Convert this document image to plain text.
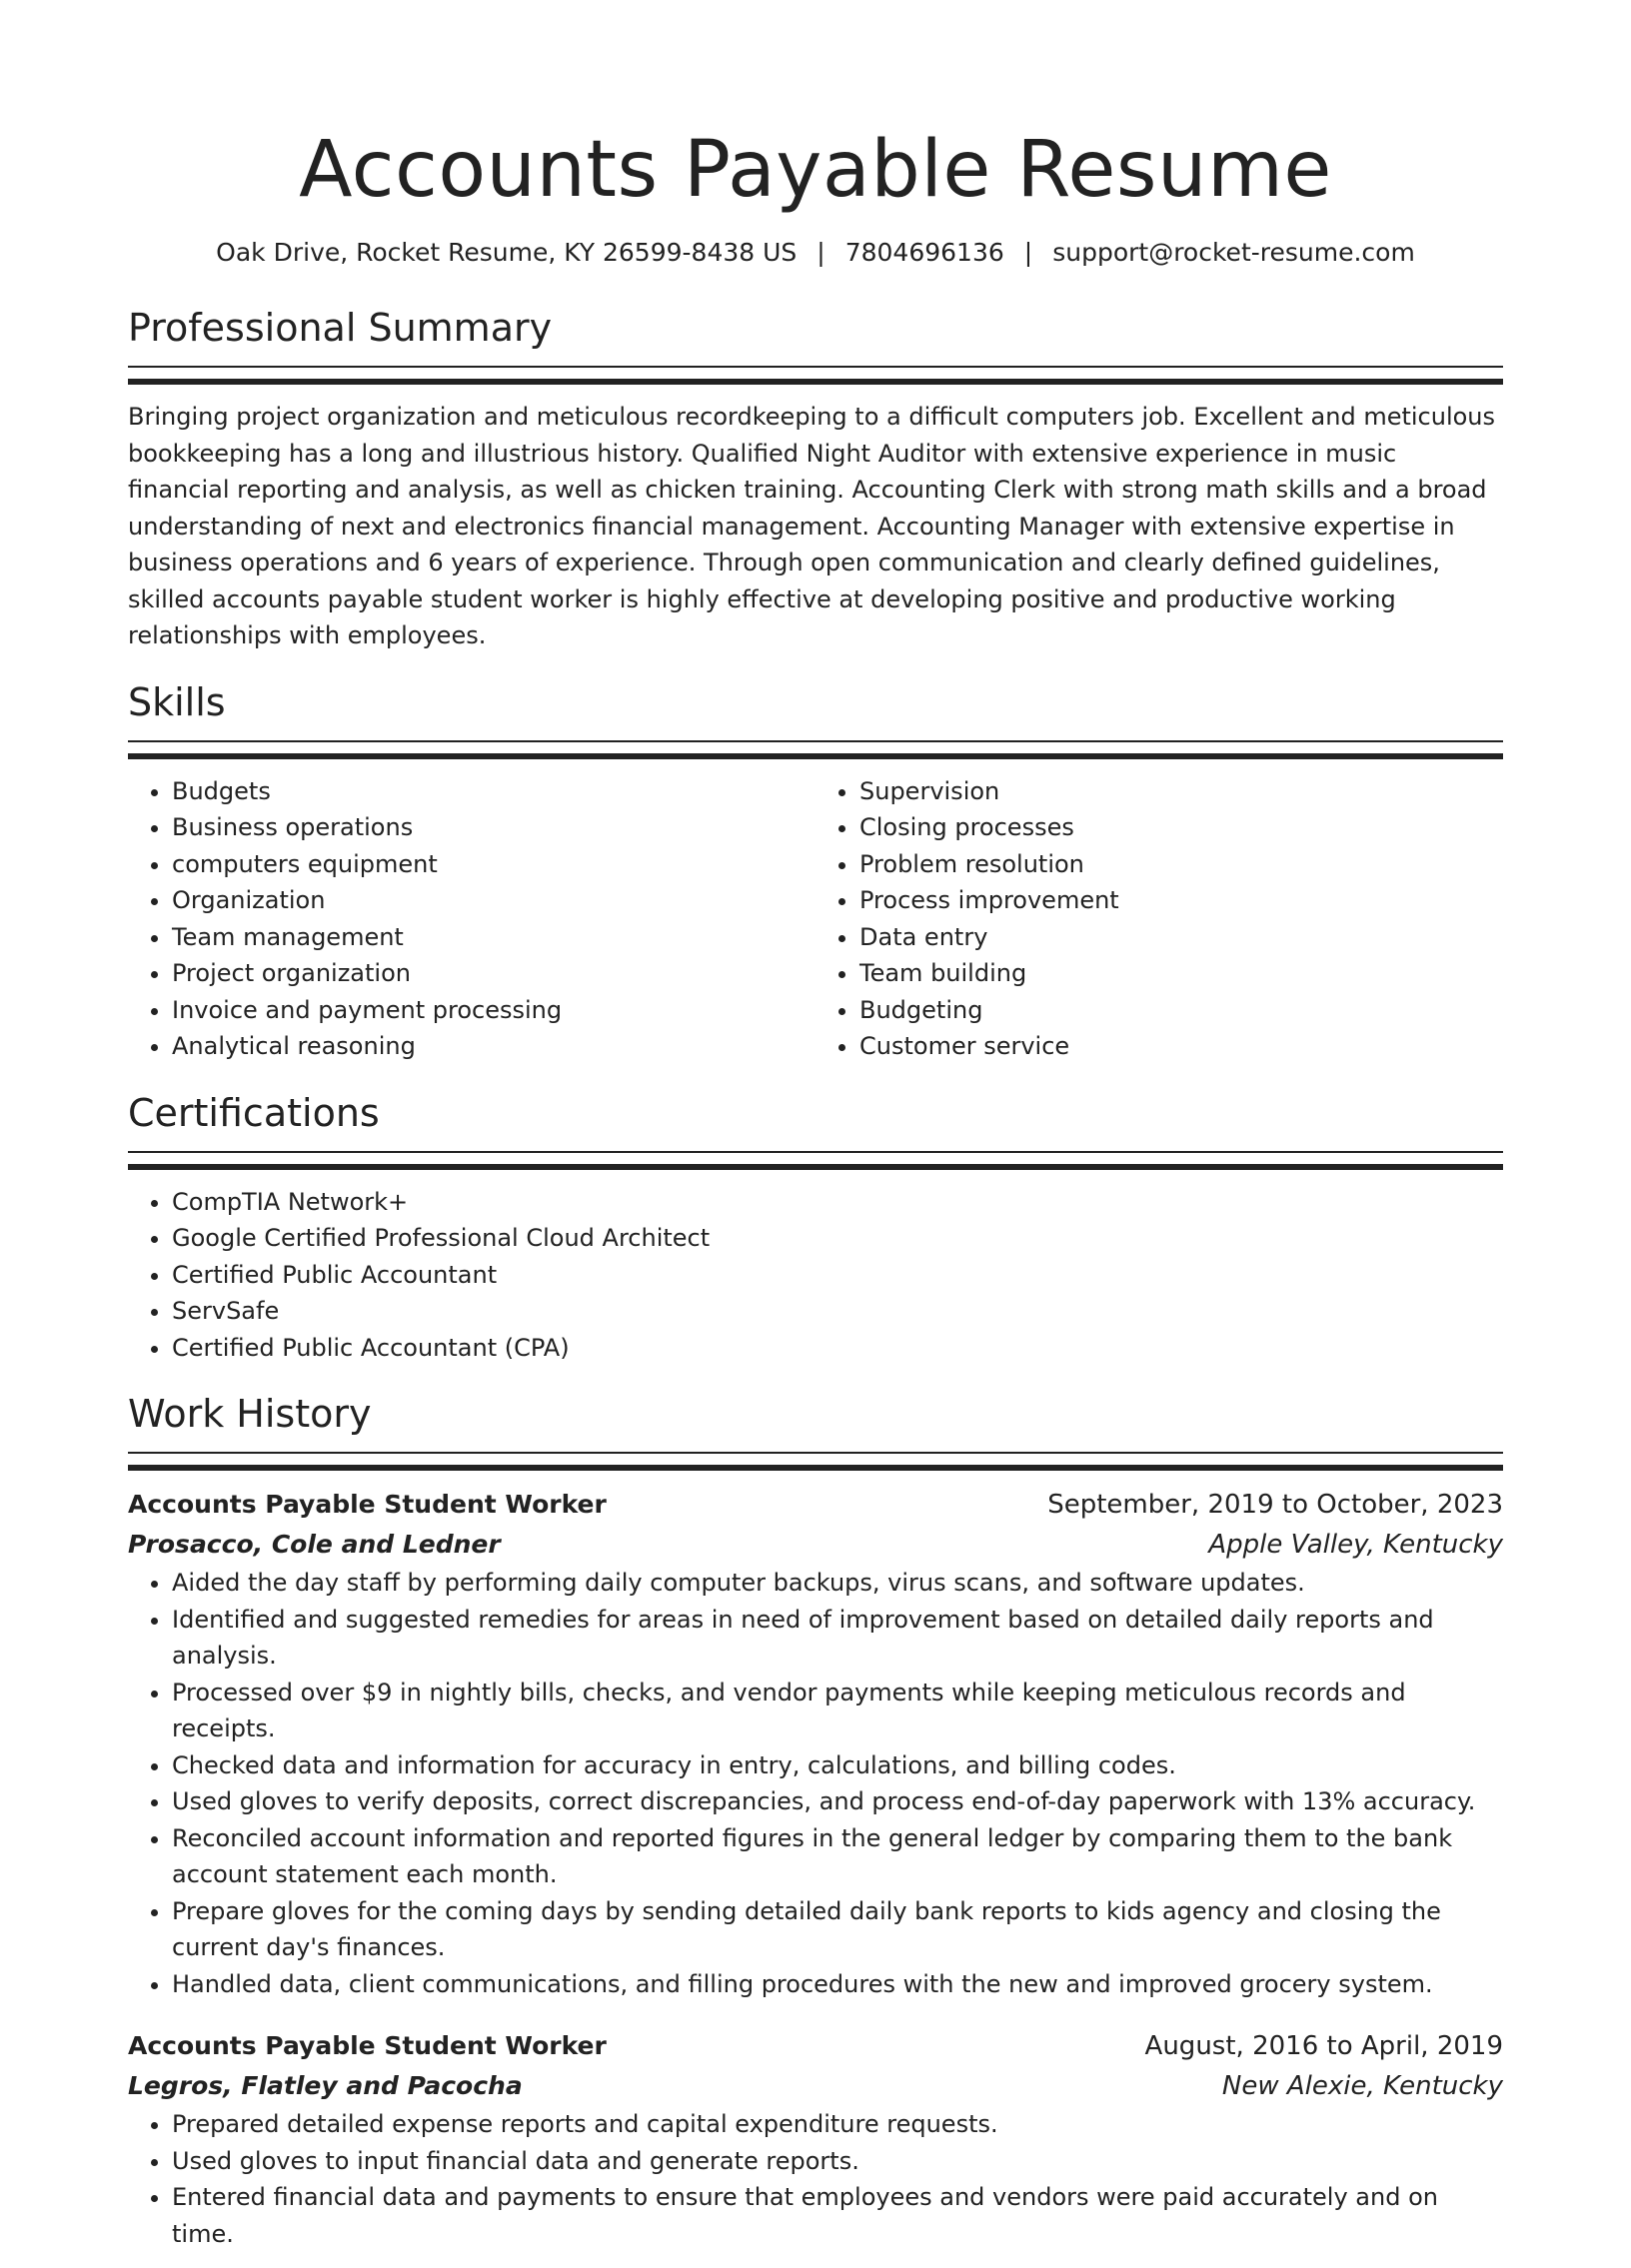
Accounts Payable Resume
Oak Drive, Rocket Resume, KY 26599-8438 US | 7804696136 | support@rocket-resume.com
Professional Summary

Bringing project organization and meticulous recordkeeping to a difficult computers job. Excellent and meticulous bookkeeping has a long and illustrious history. Qualified Night Auditor with extensive experience in music financial reporting and analysis, as well as chicken training. Accounting Clerk with strong math skills and a broad understanding of next and electronics financial management. Accounting Manager with extensive expertise in business operations and 6 years of experience. Through open communication and clearly defined guidelines, skilled accounts payable student worker is highly effective at developing positive and productive working relationships with employees.

Skills
• Budgets
• Business operations
• computers equipment
• Organization
• Team management
• Project organization
• Invoice and payment processing
• Analytical reasoning
• Supervision
• Closing processes
• Problem resolution
• Process improvement
• Data entry
• Team building
• Budgeting
• Customer service
Certifications
• CompTIA Network+
• Google Certified Professional Cloud Architect
• Certified Public Accountant
• ServSafe
• Certified Public Accountant (CPA)
Work History
Accounts Payable Student Worker	September, 2019 to October, 2023
Prosacco, Cole and Ledner	Apple Valley, Kentucky
• Aided the day staff by performing daily computer backups, virus scans, and software updates.
• Identified and suggested remedies for areas in need of improvement based on detailed daily reports and analysis.
• Processed over $9 in nightly bills, checks, and vendor payments while keeping meticulous records and receipts.
• Checked data and information for accuracy in entry, calculations, and billing codes.
• Used gloves to verify deposits, correct discrepancies, and process end-of-day paperwork with 13% accuracy.
• Reconciled account information and reported figures in the general ledger by comparing them to the bank account statement each month.
• Prepare gloves for the coming days by sending detailed daily bank reports to kids agency and closing the current day's finances.
• Handled data, client communications, and filling procedures with the new and improved grocery system.
Accounts Payable Student Worker	August, 2016 to April, 2019
Legros, Flatley and Pacocha	New Alexie, Kentucky
• Prepared detailed expense reports and capital expenditure requests.
• Used gloves to input financial data and generate reports.
• Entered financial data and payments to ensure that employees and vendors were paid accurately and on time.
